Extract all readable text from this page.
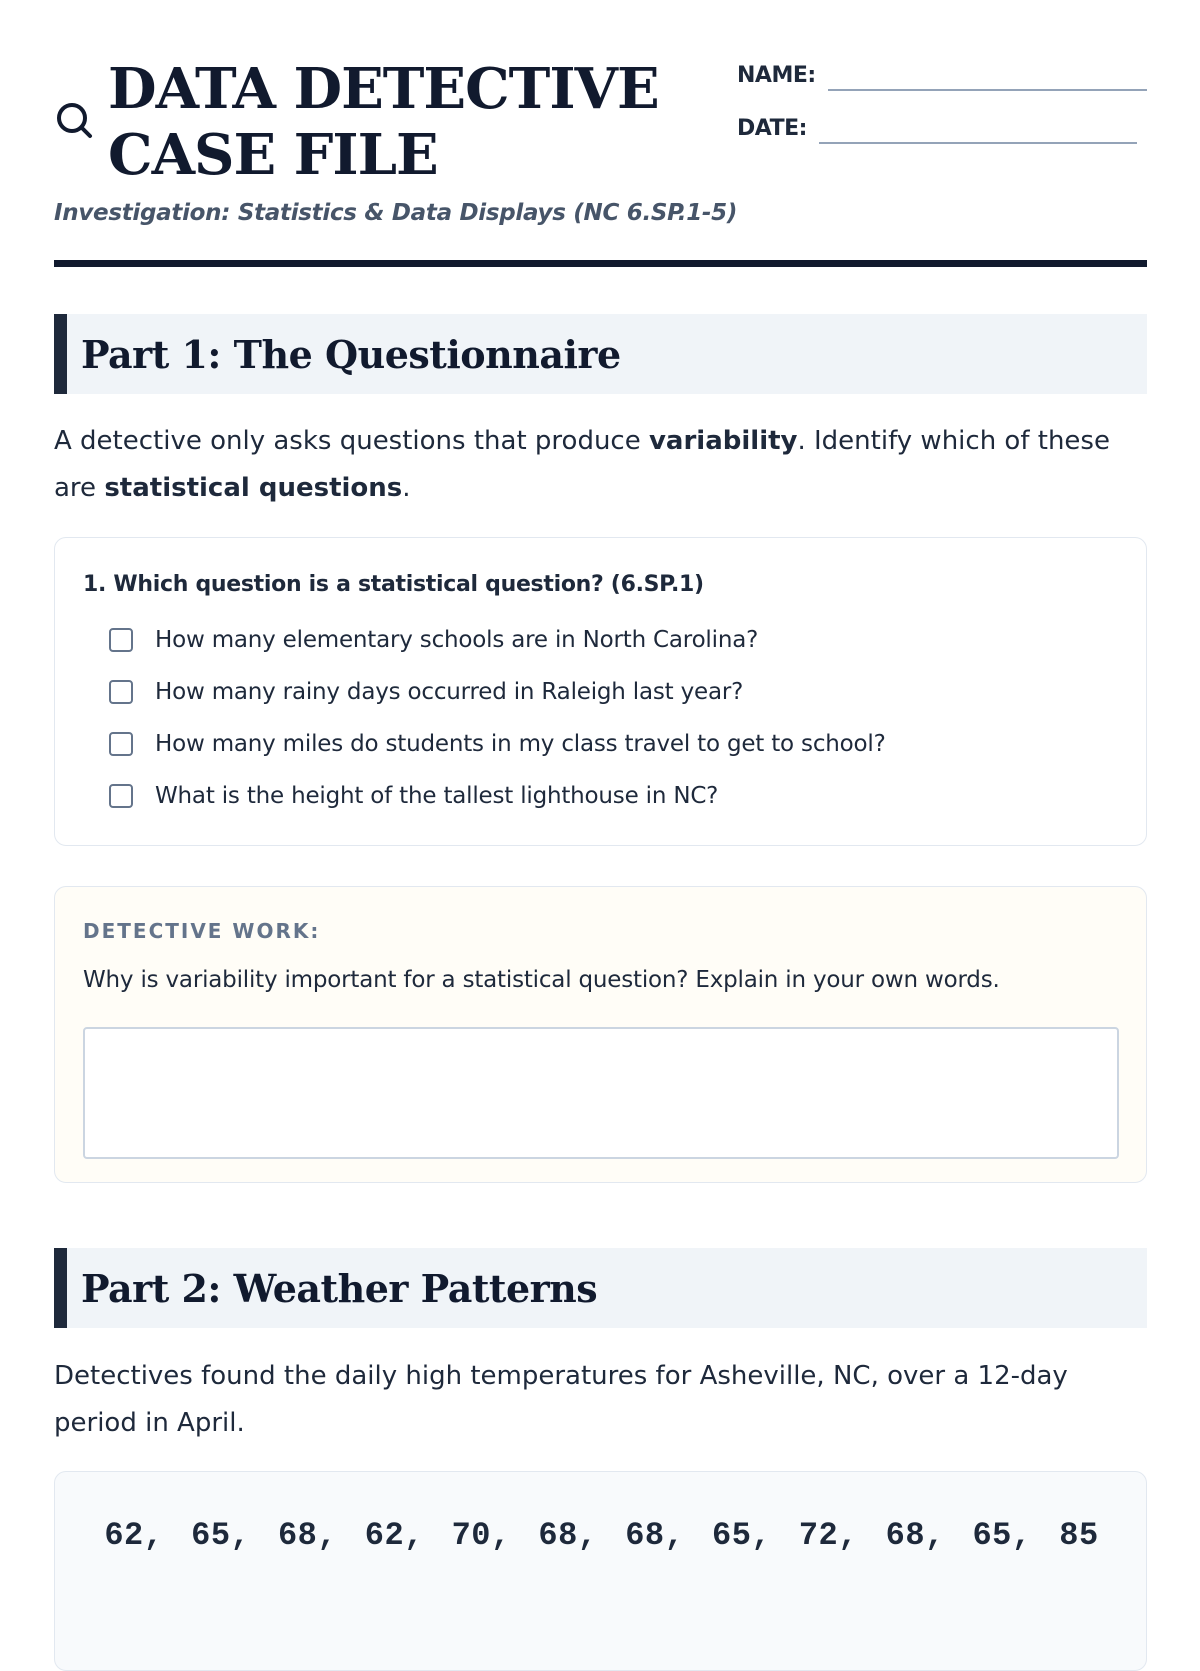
DATA DETECTIVE
CASE FILE
Investigation: Statistics & Data Displays (NC 6.SP.1-5)
NAME:
DATE:
Part 1: The Questionnaire
A detective only asks questions that produce variability. Identify which of these are statistical questions.
1. Which question is a statistical question? (6.SP.1)
How many elementary schools are in North Carolina?
How many rainy days occurred in Raleigh last year?
How many miles do students in my class travel to get to school?
What is the height of the tallest lighthouse in NC?
DETECTIVE WORK:
Why is variability important for a statistical question? Explain in your own words.
Part 2: Weather Patterns
Detectives found the daily high temperatures for Asheville, NC, over a 12-day period in April.
62, 65, 68, 62, 70, 68, 68, 65, 72, 68, 65, 85
